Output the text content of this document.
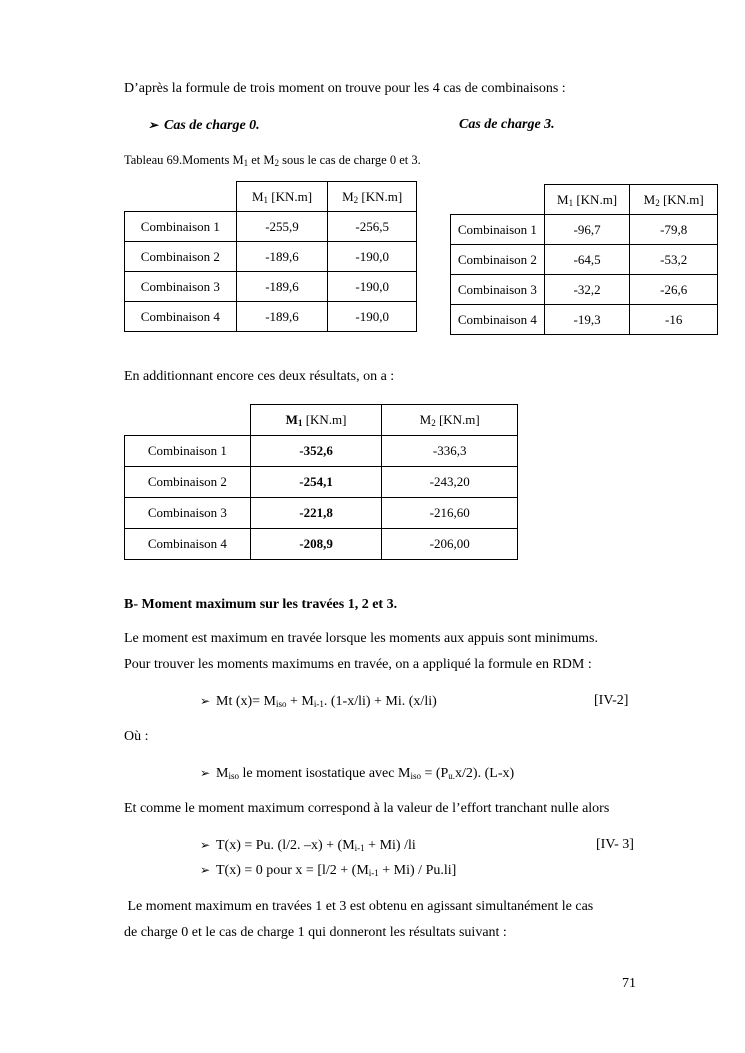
D’après la formule de trois moment on trouve pour les 4 cas de combinaisons :
➢ Cas de charge 0.	Cas de charge 3.
Tableau 69.Moments $M_1$ et $M_2$ sous le cas de charge 0 et 3.
	$M_1$ [KN.m]	$M_2$ [KN.m]
Combinaison 1	-255,9	-256,5
Combinaison 2	-189,6	-190,0
Combinaison 3	-189,6	-190,0
Combinaison 4	-189,6	-190,0
	$M_1$ [KN.m]	$M_2$ [KN.m]
Combinaison 1	-96,7	-79,8
Combinaison 2	-64,5	-53,2
Combinaison 3	-32,2	-26,6
Combinaison 4	-19,3	-16
En additionnant encore ces deux résultats, on a :
	$M_1$ [KN.m]	$M_2$ [KN.m]
Combinaison 1	-352,6	-336,3
Combinaison 2	-254,1	-243,20
Combinaison 3	-221,8	-216,60
Combinaison 4	-208,9	-206,00
B- Moment maximum sur les travées 1, 2 et 3.
Le moment est maximum en travée lorsque les moments aux appuis sont minimums.
Pour trouver les moments maximums en travée, on a appliqué la formule en RDM :
➢ Mt $(x)= M_{iso} + M_{i-1}$. (1-x/li) + Mi. (x/li)	[IV-2]
Où :
➢ $M_{iso}$ le moment isostatique avec $M_{iso} = (P_{u.}x/2)$. (L-x)
Et comme le moment maximum correspond à la valeur de l’effort tranchant nulle alors
➢ T(x) = Pu. (l/2. $-x) + (M_{i-1} + Mi)$ /li	[IV- 3]
➢ T(x) = 0 pour $x = [l/2 + (M_{i-1} + Mi) / Pu.li]$
Le moment maximum en travées 1 et 3 est obtenu en agissant simultanément le cas
de charge 0 et le cas de charge 1 qui donneront les résultats suivant :
71
